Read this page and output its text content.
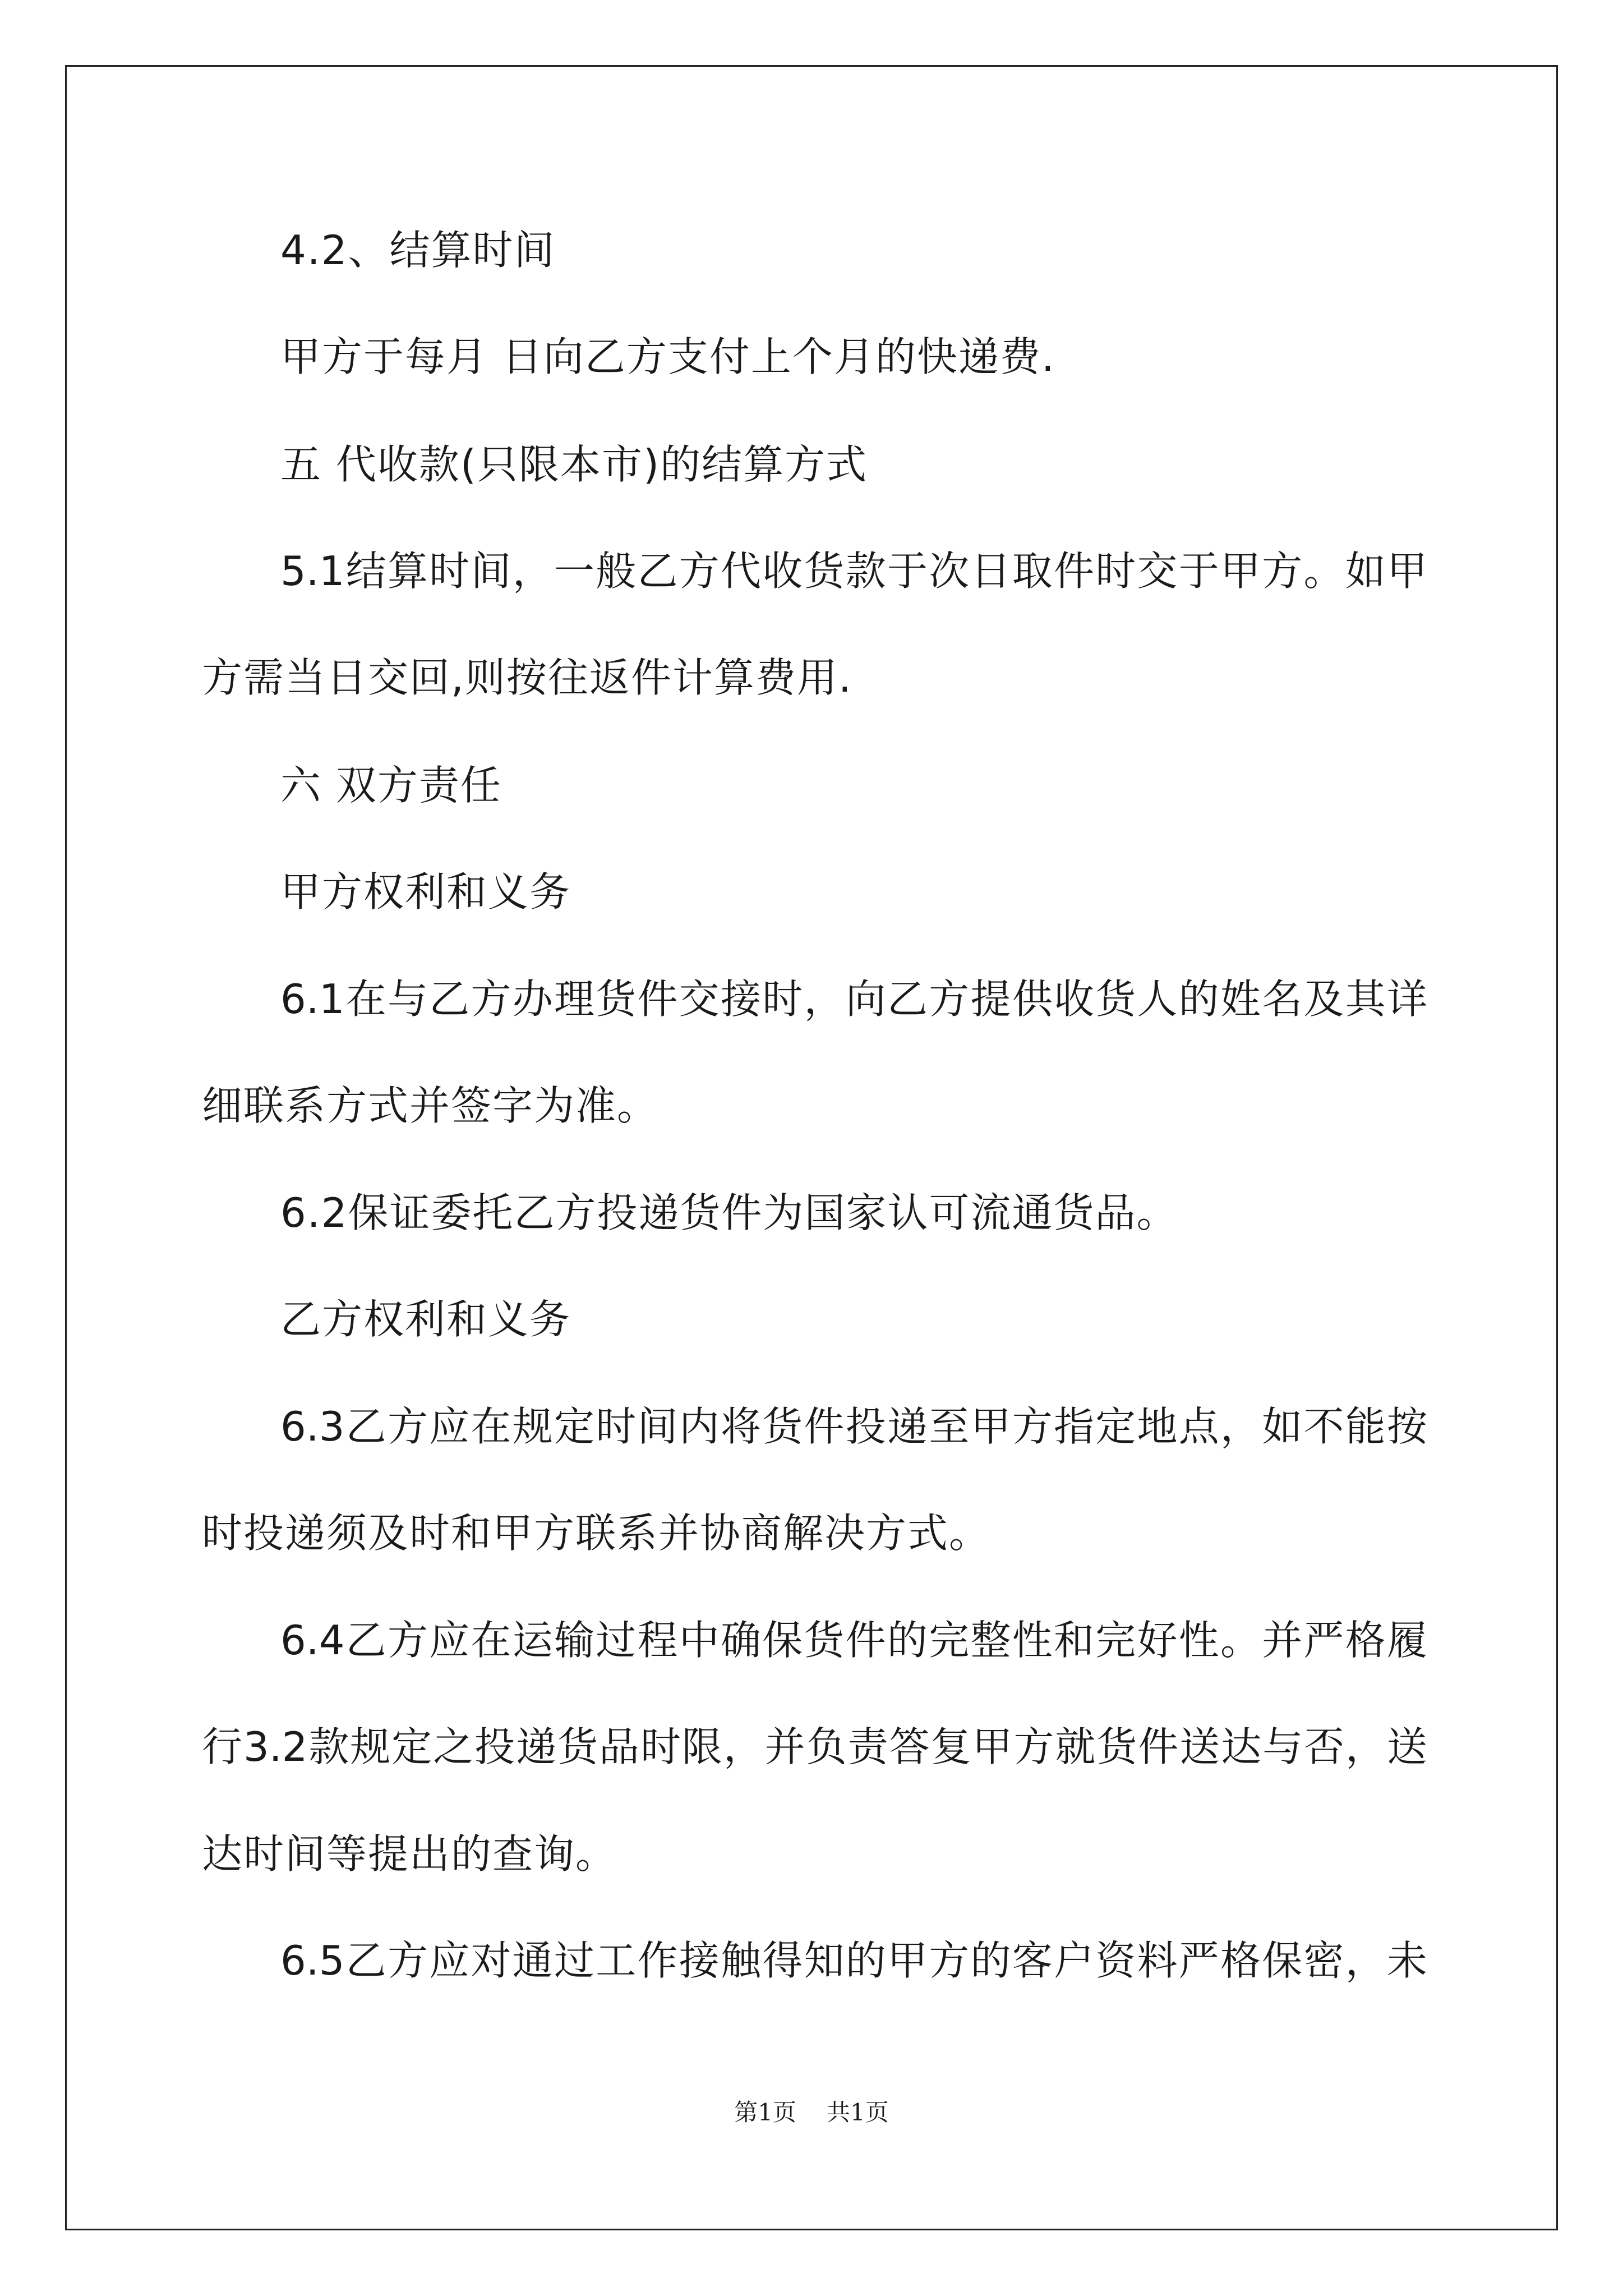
4.2、结算时间
甲方于每月 日向乙方支付上个月的快递费.
五 代收款(只限本市)的结算方式
5.1结算时间，一般乙方代收货款于次日取件时交于甲方。如甲
方需当日交回,则按往返件计算费用.
六 双方责任
甲方权利和义务
6.1在与乙方办理货件交接时，向乙方提供收货人的姓名及其详
细联系方式并签字为准。
6.2保证委托乙方投递货件为国家认可流通货品。
乙方权利和义务
6.3乙方应在规定时间内将货件投递至甲方指定地点，如不能按
时投递须及时和甲方联系并协商解决方式。
6.4乙方应在运输过程中确保货件的完整性和完好性。并严格履
行3.2款规定之投递货品时限，并负责答复甲方就货件送达与否，送
达时间等提出的查询。
6.5乙方应对通过工作接触得知的甲方的客户资料严格保密，未
第1页 共1页
